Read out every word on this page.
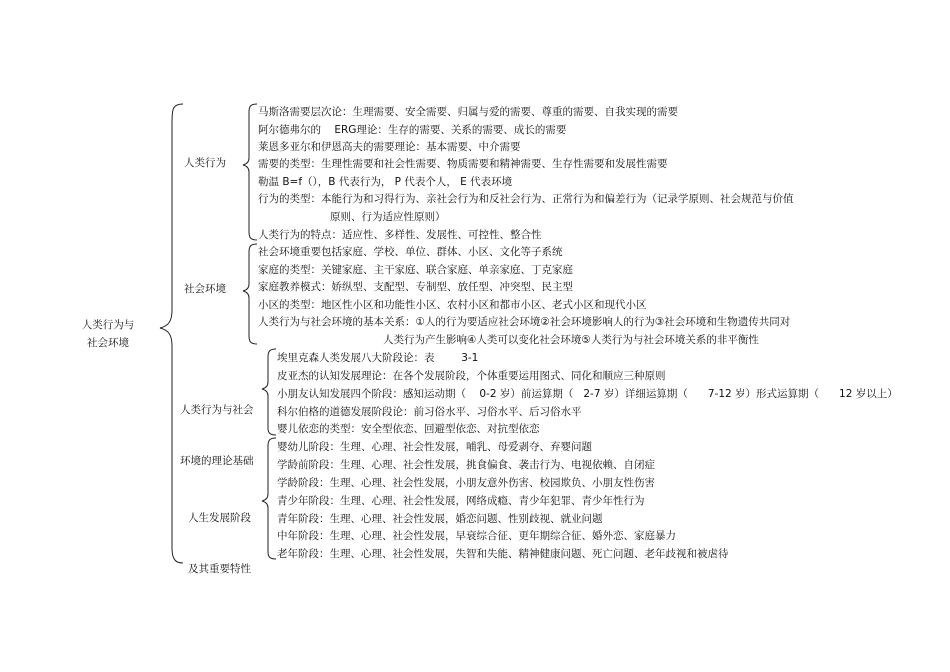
人类行为与
社会环境
人类行为
马斯洛需要层次论：生理需要、安全需要、归属与爱的需要、尊重的需要、自我实现的需要
阿尔德弗尔的    ERG理论：生存的需要、关系的需要、成长的需要
莱恩多亚尔和伊恩高夫的需要理论：基本需要、中介需要
需要的类型：生理性需要和社会性需要、物质需要和精神需要、生存性需要和发展性需要
勒温 B=f（），B 代表行为， P 代表个人， E 代表环境
行为的类型：本能行为和习得行为、亲社会行为和反社会行为、正常行为和偏差行为（记录学原则、社会规范与价值
原则、行为适应性原则）
人类行为的特点：适应性、多样性、发展性、可控性、整合性
社会环境
社会环境重要包括家庭、学校、单位、群体、小区、文化等子系统
家庭的类型：关键家庭、主干家庭、联合家庭、单亲家庭、丁克家庭
家庭教养模式：娇纵型、支配型、专制型、放任型、冲突型、民主型
小区的类型：地区性小区和功能性小区、农村小区和都市小区、老式小区和现代小区
人类行为与社会环境的基本关系：①人的行为要适应社会环境②社会环境影响人的行为③社会环境和生物遗传共同对
人类行为产生影响④人类可以变化社会环境⑤人类行为与社会环境关系的非平衡性

人类行为与社会

环境的理论基础

埃里克森人类发展八大阶段论：表        3-1
皮亚杰的认知发展理论：在各个发展阶段，个体重要运用图式、同化和顺应三种原则
小朋友认知发展四个阶段：感知运动期（    0-2 岁）前运算期（   2-7 岁）详细运算期（      7-12 岁）形式运算期（      12 岁以上）
科尔伯格的道德发展阶段论：前习俗水平、习俗水平、后习俗水平
婴儿依恋的类型：安全型依恋、回避型依恋、对抗型依恋

人生发展阶段

及其重要特性

婴幼儿阶段：生理、心理、社会性发展，哺乳、母爱剥夺、弃婴问题
学龄前阶段：生理、心理、社会性发展，挑食偏食、袭击行为、电视依赖、自闭症
学龄阶段：生理、心理、社会性发展，小朋友意外伤害、校园欺负、小朋友性伤害
青少年阶段：生理、心理、社会性发展，网络成瘾、青少年犯罪、青少年性行为
青年阶段：生理、心理、社会性发展，婚恋问题、性别歧视、就业问题
中年阶段：生理、心理、社会性发展，早衰综合征、更年期综合征、婚外恋、家庭暴力
老年阶段：生理、心理、社会性发展，失智和失能、精神健康问题、死亡问题、老年歧视和被虐待
